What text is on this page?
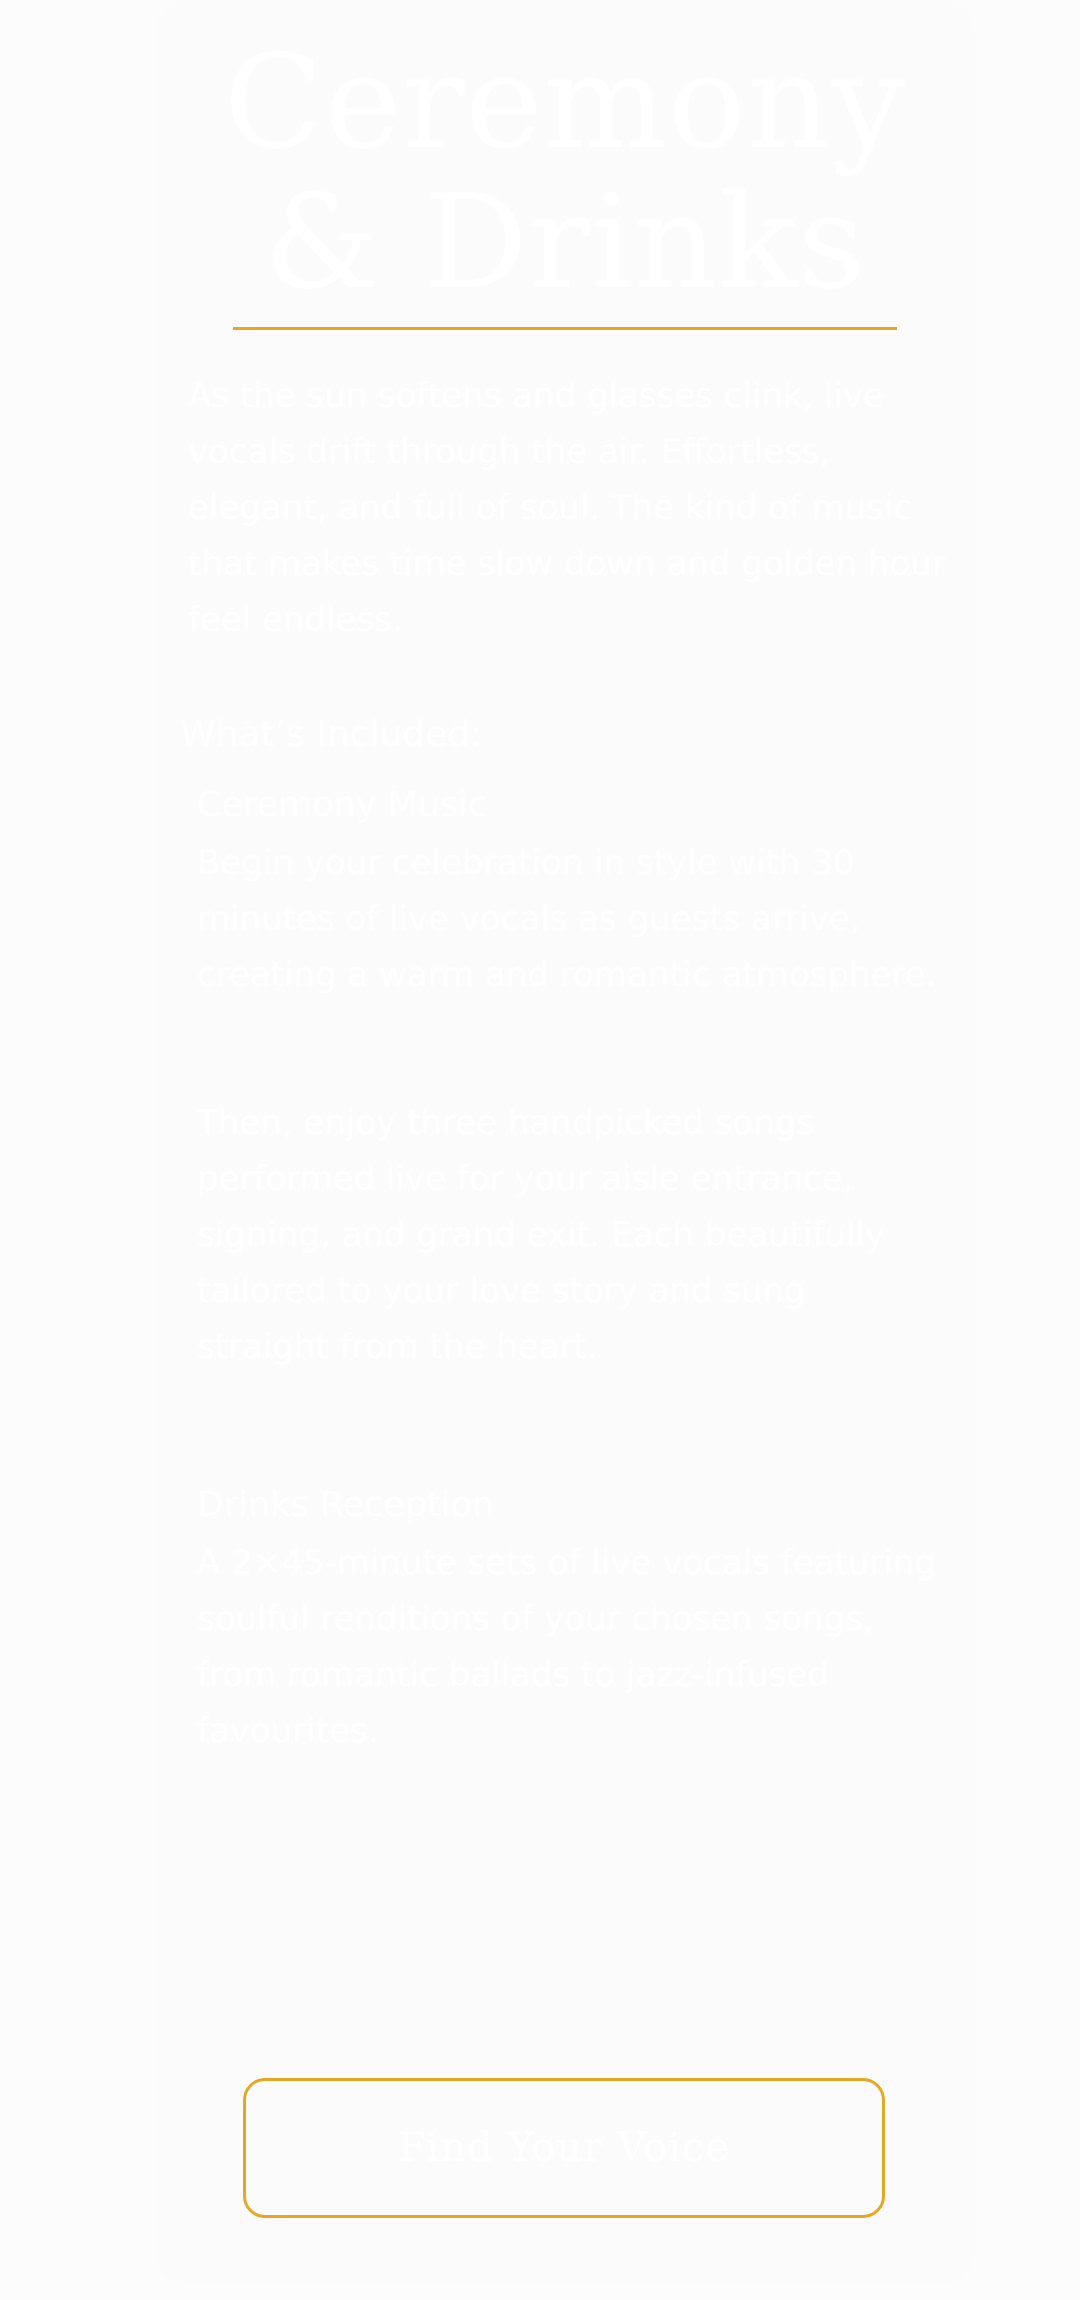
Ceremony
& Drinks

As the sun softens and glasses clink, live vocals drift through the air. Effortless, elegant, and full of soul. The kind of music that makes time slow down and golden hour feel endless.

What’s Included:
Ceremony Music

Begin your celebration in style with 30 minutes of live vocals as guests arrive, creating a warm and romantic atmosphere.

Then, enjoy three handpicked songs performed live for your aisle entrance, signing, and grand exit. Each beautifully tailored to your love story and sung straight from the heart.

Drinks Reception

A 2×45-minute sets of live vocals featuring soulful renditions of your chosen songs, from romantic ballads to jazz-infused favourites.

Find Your Voice
